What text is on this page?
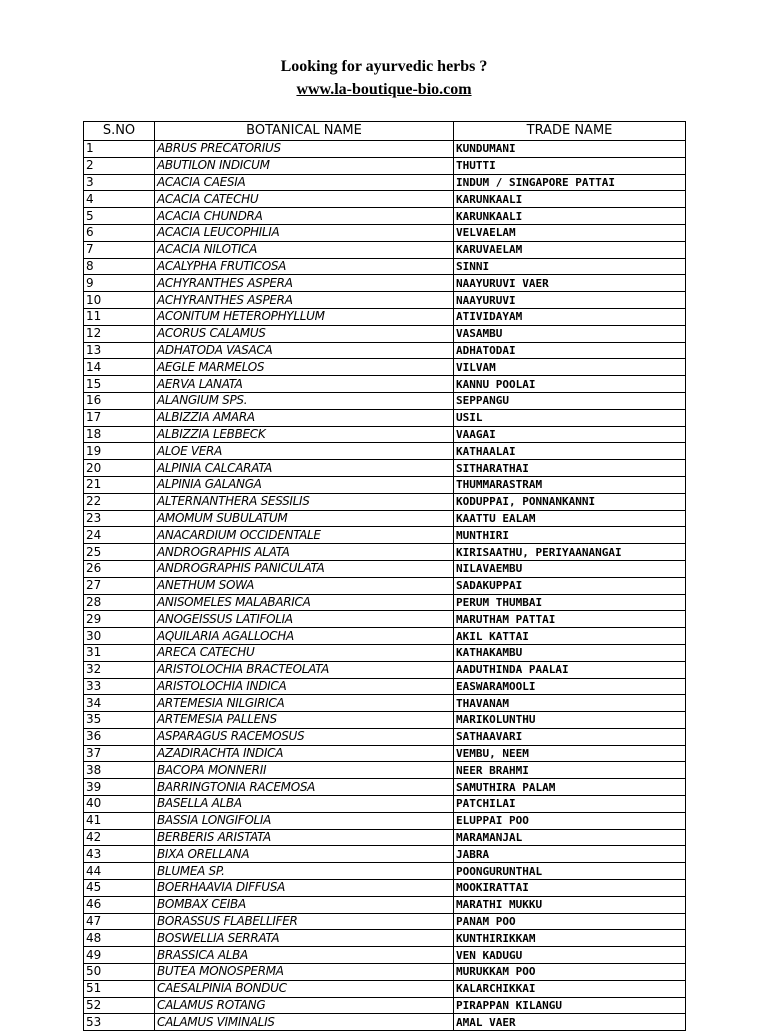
Looking for ayurvedic herbs ?
www.la-boutique-bio.com
S.NO	BOTANICAL NAME	TRADE NAME
1	ABRUS PRECATORIUS	KUNDUMANI
2	ABUTILON INDICUM	THUTTI
3	ACACIA CAESIA	INDUM / SINGAPORE PATTAI
4	ACACIA CATECHU	KARUNKAALI
5	ACACIA CHUNDRA	KARUNKAALI
6	ACACIA LEUCOPHILIA	VELVAELAM
7	ACACIA NILOTICA	KARUVAELAM
8	ACALYPHA FRUTICOSA	SINNI
9	ACHYRANTHES ASPERA	NAAYURUVI VAER
10	ACHYRANTHES ASPERA	NAAYURUVI
11	ACONITUM HETEROPHYLLUM	ATIVIDAYAM
12	ACORUS CALAMUS	VASAMBU
13	ADHATODA VASACA	ADHATODAI
14	AEGLE MARMELOS	VILVAM
15	AERVA LANATA	KANNU POOLAI
16	ALANGIUM SPS.	SEPPANGU
17	ALBIZZIA AMARA	USIL
18	ALBIZZIA LEBBECK	VAAGAI
19	ALOE VERA	KATHAALAI
20	ALPINIA CALCARATA	SITHARATHAI
21	ALPINIA GALANGA	THUMMARASTRAM
22	ALTERNANTHERA SESSILIS	KODUPPAI, PONNANKANNI
23	AMOMUM SUBULATUM	KAATTU EALAM
24	ANACARDIUM OCCIDENTALE	MUNTHIRI
25	ANDROGRAPHIS ALATA	KIRISAATHU, PERIYAANANGAI
26	ANDROGRAPHIS PANICULATA	NILAVAEMBU
27	ANETHUM SOWA	SADAKUPPAI
28	ANISOMELES MALABARICA	PERUM THUMBAI
29	ANOGEISSUS LATIFOLIA	MARUTHAM PATTAI
30	AQUILARIA AGALLOCHA	AKIL KATTAI
31	ARECA CATECHU	KATHAKAMBU
32	ARISTOLOCHIA BRACTEOLATA	AADUTHINDA PAALAI
33	ARISTOLOCHIA INDICA	EASWARAMOOLI
34	ARTEMESIA NILGIRICA	THAVANAM
35	ARTEMESIA PALLENS	MARIKOLUNTHU
36	ASPARAGUS RACEMOSUS	SATHAAVARI
37	AZADIRACHTA INDICA	VEMBU, NEEM
38	BACOPA MONNERII	NEER BRAHMI
39	BARRINGTONIA RACEMOSA	SAMUTHIRA PALAM
40	BASELLA ALBA	PATCHILAI
41	BASSIA LONGIFOLIA	ELUPPAI POO
42	BERBERIS ARISTATA	MARAMANJAL
43	BIXA ORELLANA	JABRA
44	BLUMEA SP.	POONGURUNTHAL
45	BOERHAAVIA DIFFUSA	MOOKIRATTAI
46	BOMBAX CEIBA	MARATHI MUKKU
47	BORASSUS FLABELLIFER	PANAM POO
48	BOSWELLIA SERRATA	KUNTHIRIKKAM
49	BRASSICA ALBA	VEN KADUGU
50	BUTEA MONOSPERMA	MURUKKAM POO
51	CAESALPINIA BONDUC	KALARCHIKKAI
52	CALAMUS ROTANG	PIRAPPAN KILANGU
53	CALAMUS VIMINALIS	AMAL VAER
